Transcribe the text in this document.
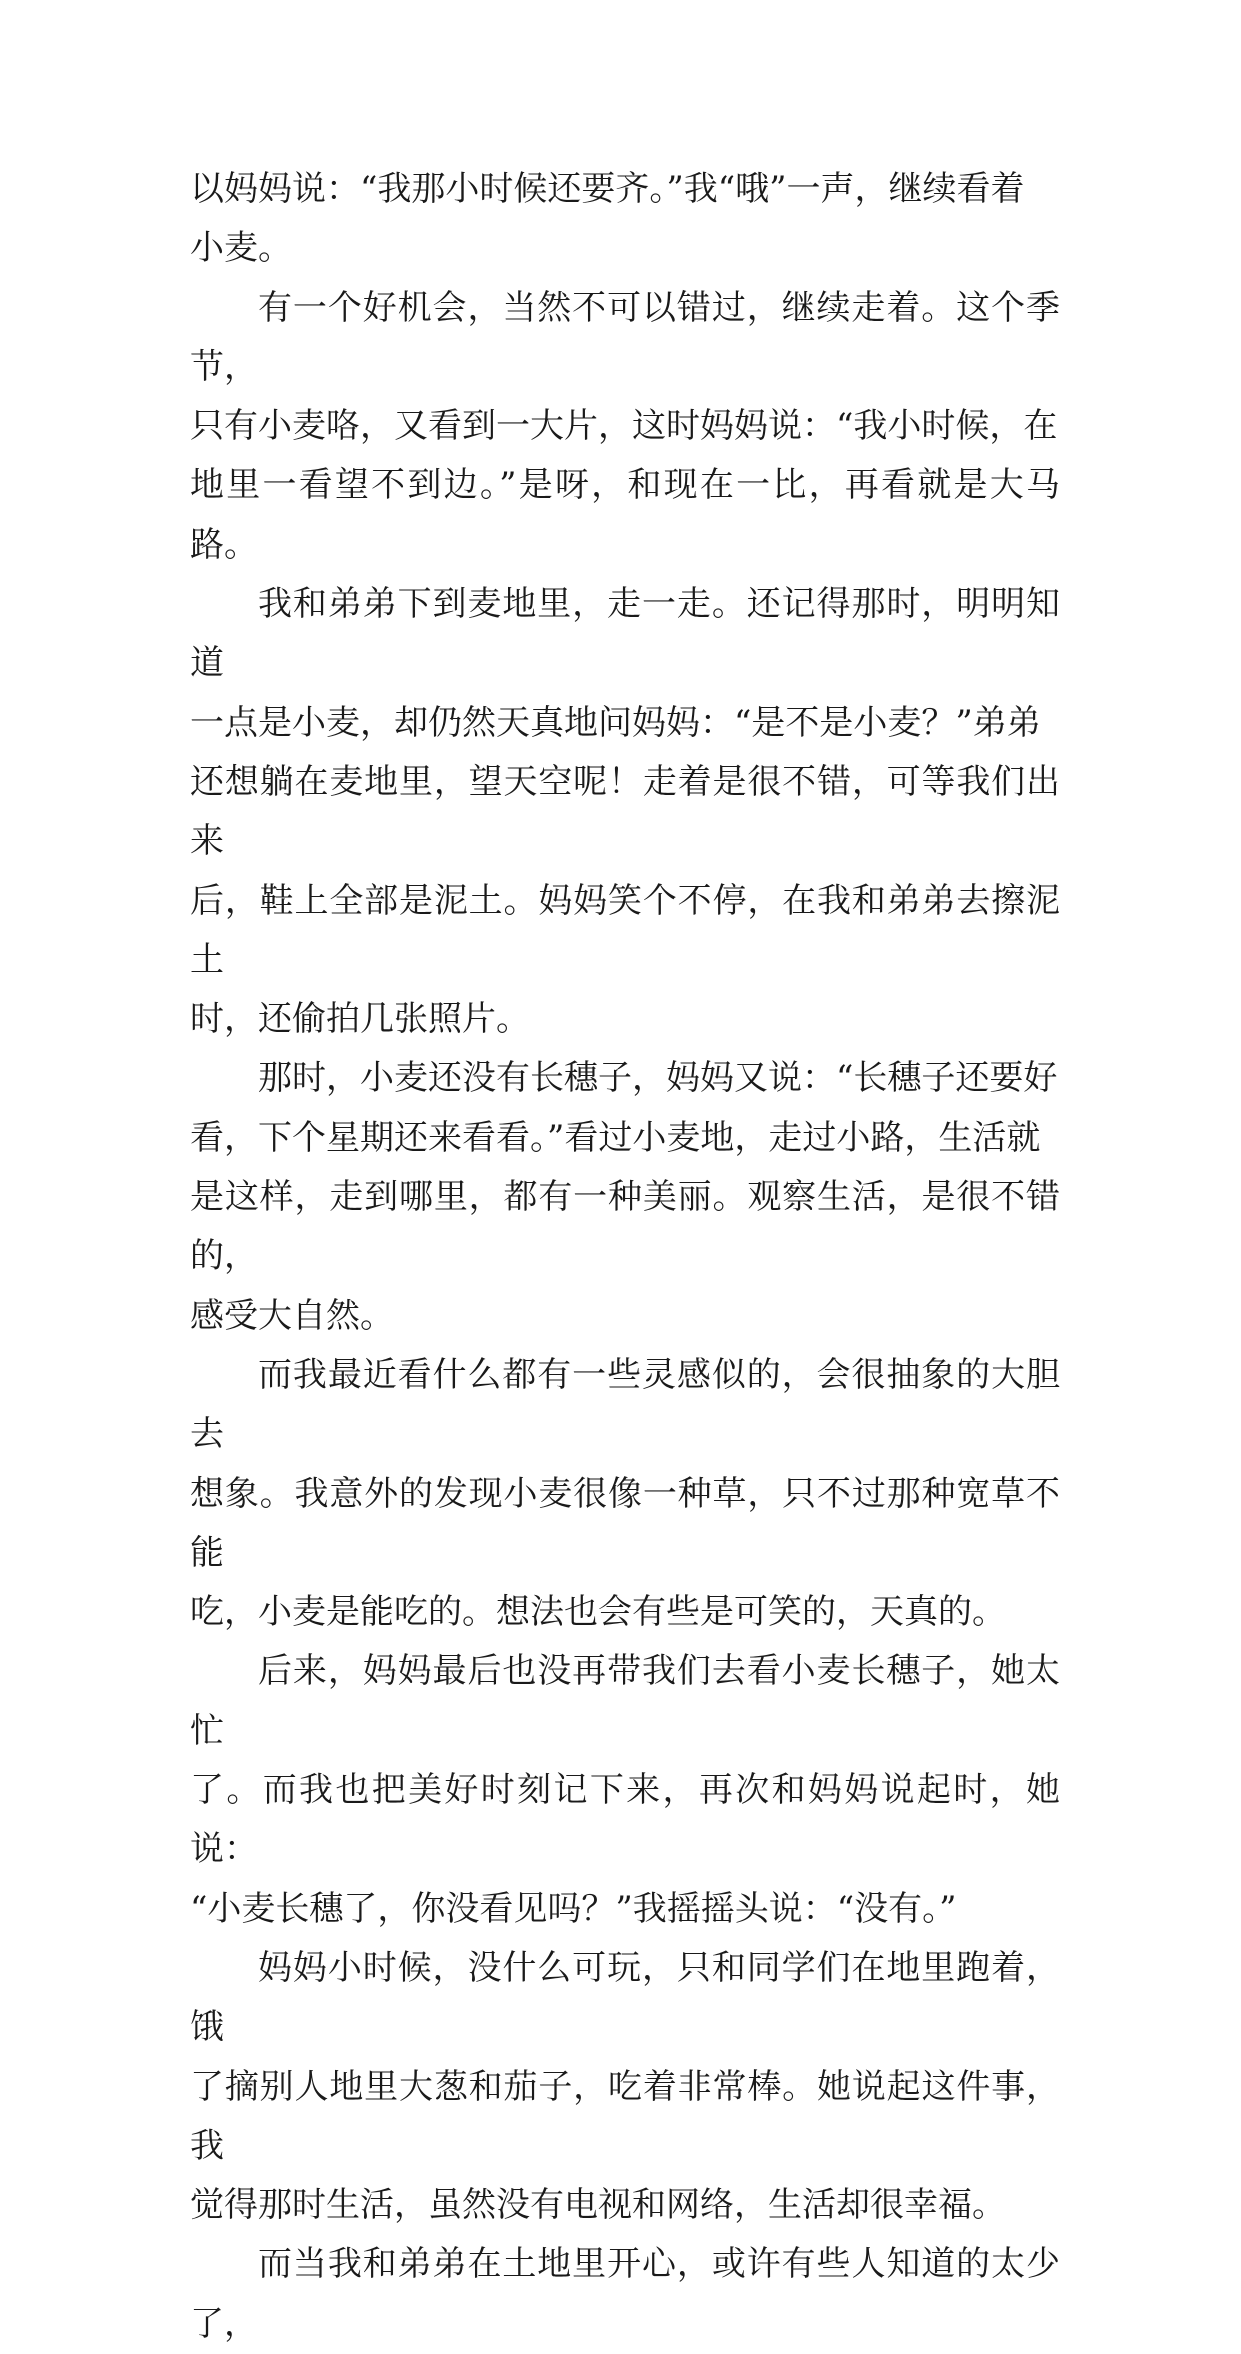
以妈妈说：“我那小时候还要齐。”我“哦”一声，继续看着
小麦。

有一个好机会，当然不可以错过，继续走着。这个季节，
只有小麦咯，又看到一大片，这时妈妈说：“我小时候，在
地里一看望不到边。”是呀，和现在一比，再看就是大马路。

我和弟弟下到麦地里，走一走。还记得那时，明明知道
一点是小麦，却仍然天真地问妈妈：“是不是小麦？”弟弟
还想躺在麦地里，望天空呢！走着是很不错，可等我们出来
后，鞋上全部是泥土。妈妈笑个不停，在我和弟弟去擦泥土
时，还偷拍几张照片。

那时，小麦还没有长穗子，妈妈又说：“长穗子还要好
看，下个星期还来看看。”看过小麦地，走过小路，生活就
是这样，走到哪里，都有一种美丽。观察生活，是很不错的，
感受大自然。

而我最近看什么都有一些灵感似的，会很抽象的大胆去
想象。我意外的发现小麦很像一种草，只不过那种宽草不能
吃，小麦是能吃的。想法也会有些是可笑的，天真的。

后来，妈妈最后也没再带我们去看小麦长穗子，她太忙
了。而我也把美好时刻记下来，再次和妈妈说起时，她说：
“小麦长穗了，你没看见吗？”我摇摇头说：“没有。”

妈妈小时候，没什么可玩，只和同学们在地里跑着，饿
了摘别人地里大葱和茄子，吃着非常棒。她说起这件事，我
觉得那时生活，虽然没有电视和网络，生活却很幸福。

而当我和弟弟在土地里开心，或许有些人知道的太少了，
